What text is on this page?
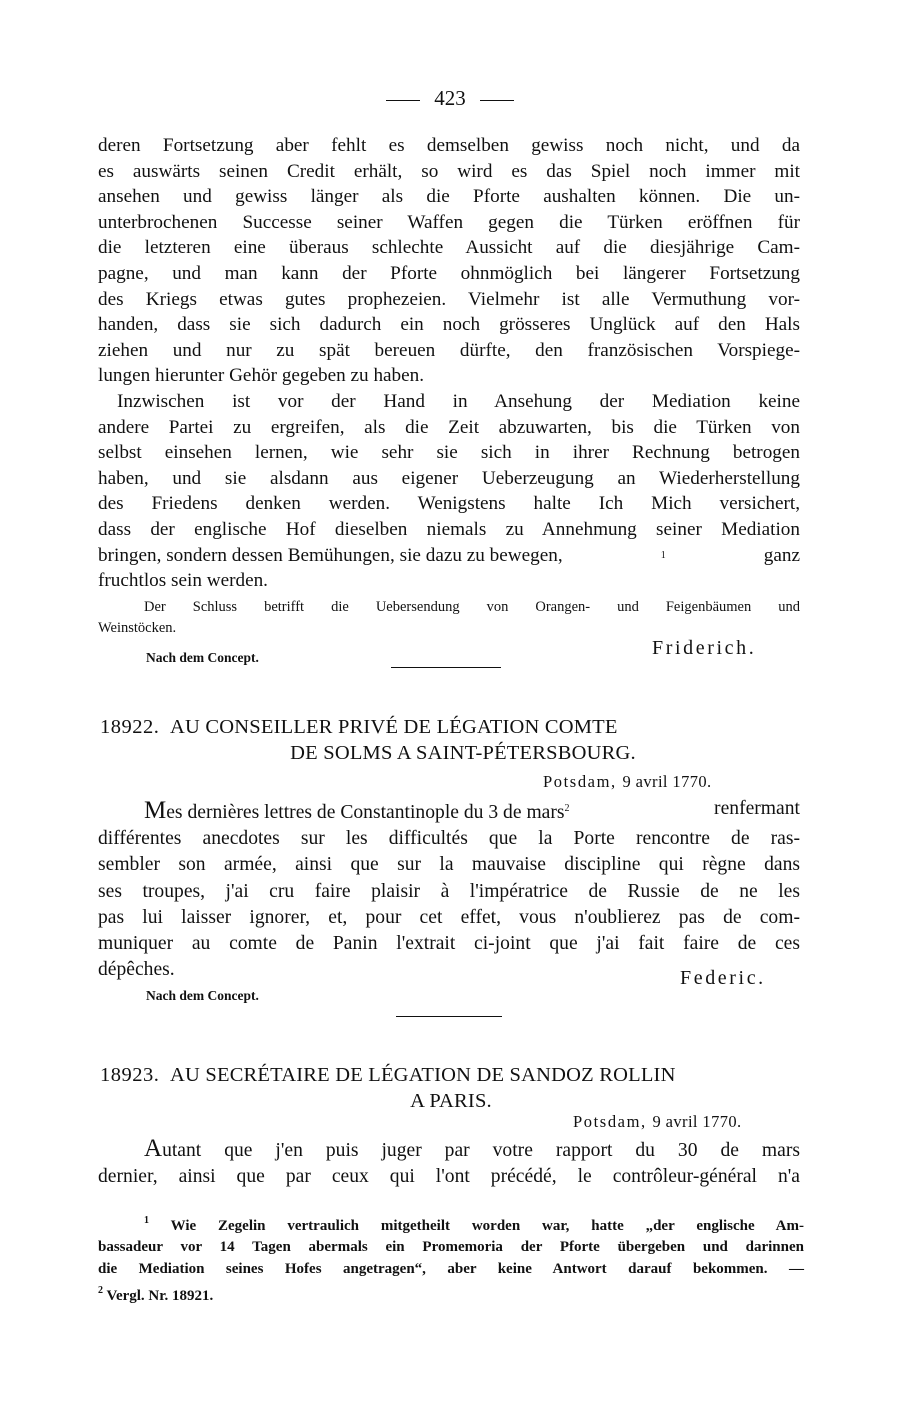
423
deren Fortsetzung aber fehlt es demselben gewiss noch nicht, und da
es auswärts seinen Credit erhält, so wird es das Spiel noch immer mit
ansehen und gewiss länger als die Pforte aushalten können. Die un-
unterbrochenen Successe seiner Waffen gegen die Türken eröffnen für
die letzteren eine überaus schlechte Aussicht auf die diesjährige Cam-
pagne, und man kann der Pforte ohnmöglich bei längerer Fortsetzung
des Kriegs etwas gutes prophezeien. Vielmehr ist alle Vermuthung vor-
handen, dass sie sich dadurch ein noch grösseres Unglück auf den Hals
ziehen und nur zu spät bereuen dürfte, den französischen Vorspiege-
lungen hierunter Gehör gegeben zu haben.
Inzwischen ist vor der Hand in Ansehung der Mediation keine
andere Partei zu ergreifen, als die Zeit abzuwarten, bis die Türken von
selbst einsehen lernen, wie sehr sie sich in ihrer Rechnung betrogen
haben, und sie alsdann aus eigener Ueberzeugung an Wiederherstellung
des Friedens denken werden. Wenigstens halte Ich Mich versichert,
dass der englische Hof dieselben niemals zu Annehmung seiner Mediation
bringen, sondern dessen Bemühungen, sie dazu zu bewegen,	1	ganz
fruchtlos sein werden.
Der Schluss betrifft die Uebersendung von Orangen- und Feigenbäumen und
Weinstöcken.
Nach dem Concept.	Friderich.
18922. AU CONSEILLER PRIVÉ DE LÉGATION COMTE
DE SOLMS A SAINT-PÉTERSBOURG.
Potsdam, 9 avril 1770.
Mes dernières lettres de Constantinople du 3 de mars$^2$	renfermant
différentes anecdotes sur les difficultés que la Porte rencontre de ras-
sembler son armée, ainsi que sur la mauvaise discipline qui règne dans
ses troupes, j'ai cru faire plaisir à l'impératrice de Russie de ne les
pas lui laisser ignorer, et, pour cet effet, vous n'oublierez pas de com-
muniquer au comte de Panin l'extrait ci-joint que j'ai fait faire de ces
dépêches.	Federic.
Nach dem Concept.
18923. AU SECRÉTAIRE DE LÉGATION DE SANDOZ ROLLIN
A PARIS.
Potsdam, 9 avril 1770.
Autant que j'en puis juger par votre rapport du 30 de mars
dernier, ainsi que par ceux qui l'ont précédé, le contrôleur-général n'a
$^1$ Wie Zegelin vertraulich mitgetheilt worden war, hatte „der englische Am-
bassadeur vor 14 Tagen abermals ein Promemoria der Pforte übergeben und darinnen
die Mediation seines Hofes angetragen“, aber keine Antwort darauf bekommen. —
$^2$ Vergl. Nr. 18921.
